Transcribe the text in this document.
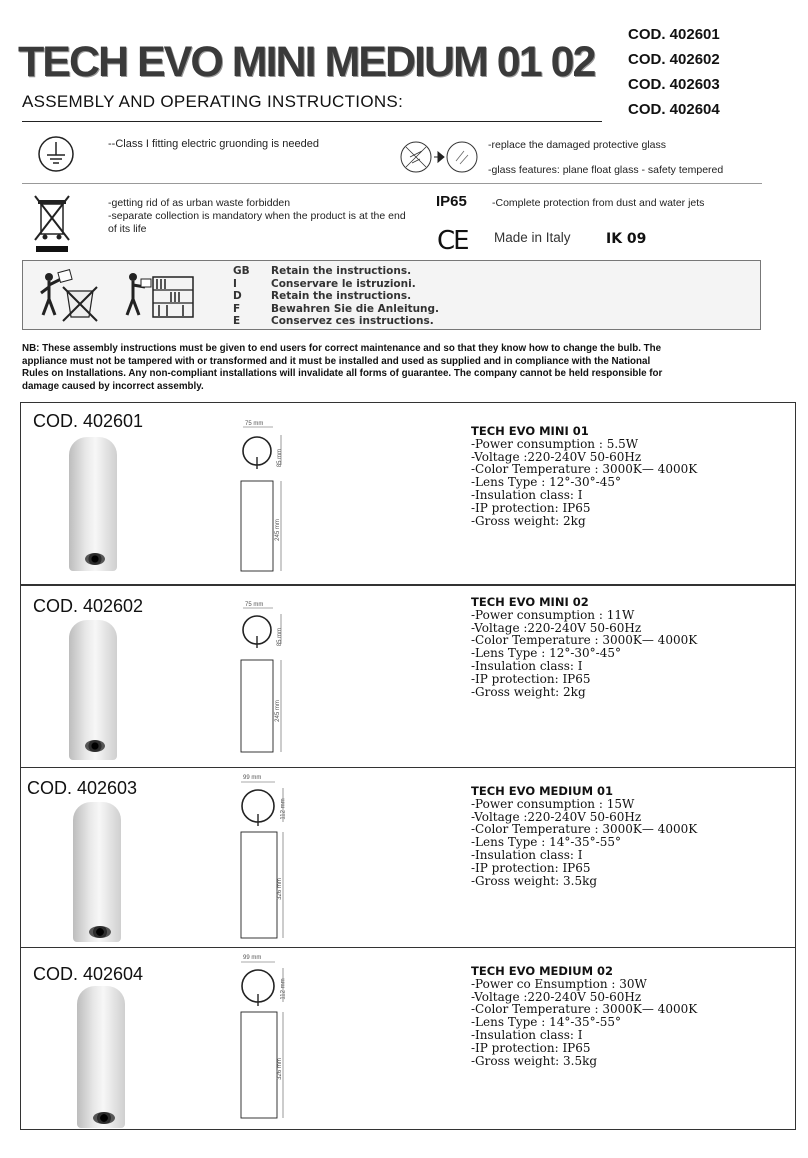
TECH EVO MINI MEDIUM 01 02
ASSEMBLY AND OPERATING INSTRUCTIONS:
COD. 402601
COD. 402602
COD. 402603
COD. 402604
--Class I fitting electric gruonding is needed	-replace the damaged protective glass
-glass features: plane float glass - safety tempered
-getting rid of as urban waste forbidden
-separate collection is mandatory when the product is at the end of its life
IP65 -Complete protection from dust and water jets
CE Made in Italy	IK 09
GB	Retain the instructions.
I	Conservare le istruzioni.
D	Retain the instructions.
F	Bewahren Sie die Anleitung.
E	Conservez ces instructions.
NB: These assembly instructions must be given to end users for correct maintenance and so that they know how to change the bulb. The appliance must not be tampered with or transformed and it must be installed and used as supplied and in compliance with the National Rules on Installations. Any non-compliant installations will invalidate all forms of guarantee. The company cannot be held responsible for damage caused by incorrect assembly.
COD. 402601	75 mm
85 mm
245 mm
TECH EVO MINI 01
-Power consumption : 5.5W
-Voltage :220-240V 50-60Hz
-Color Temperature : 3000K— 4000K
-Lens Type : 12°-30°-45°
-Insulation class: I
-IP protection: IP65
-Gross weight: 2kg
COD. 402602	75 mm
85 mm
245 mm
TECH EVO MINI 02
-Power consumption : 11W
-Voltage :220-240V 50-60Hz
-Color Temperature : 3000K— 4000K
-Lens Type : 12°-30°-45°
-Insulation class: I
-IP protection: IP65
-Gross weight: 2kg
COD. 402603	99 mm
112 mm
326 mm
TECH EVO MEDIUM 01
-Power consumption : 15W
-Voltage :220-240V 50-60Hz
-Color Temperature : 3000K— 4000K
-Lens Type : 14°-35°-55°
-Insulation class: I
-IP protection: IP65
-Gross weight: 3.5kg
COD. 402604
99 mm
112 mm
326 mm
TECH EVO MEDIUM 02
-Power co Ensumption : 30W
-Voltage :220-240V 50-60Hz
-Color Temperature : 3000K— 4000K
-Lens Type : 14°-35°-55°
-Insulation class: I
-IP protection: IP65
-Gross weight: 3.5kg
